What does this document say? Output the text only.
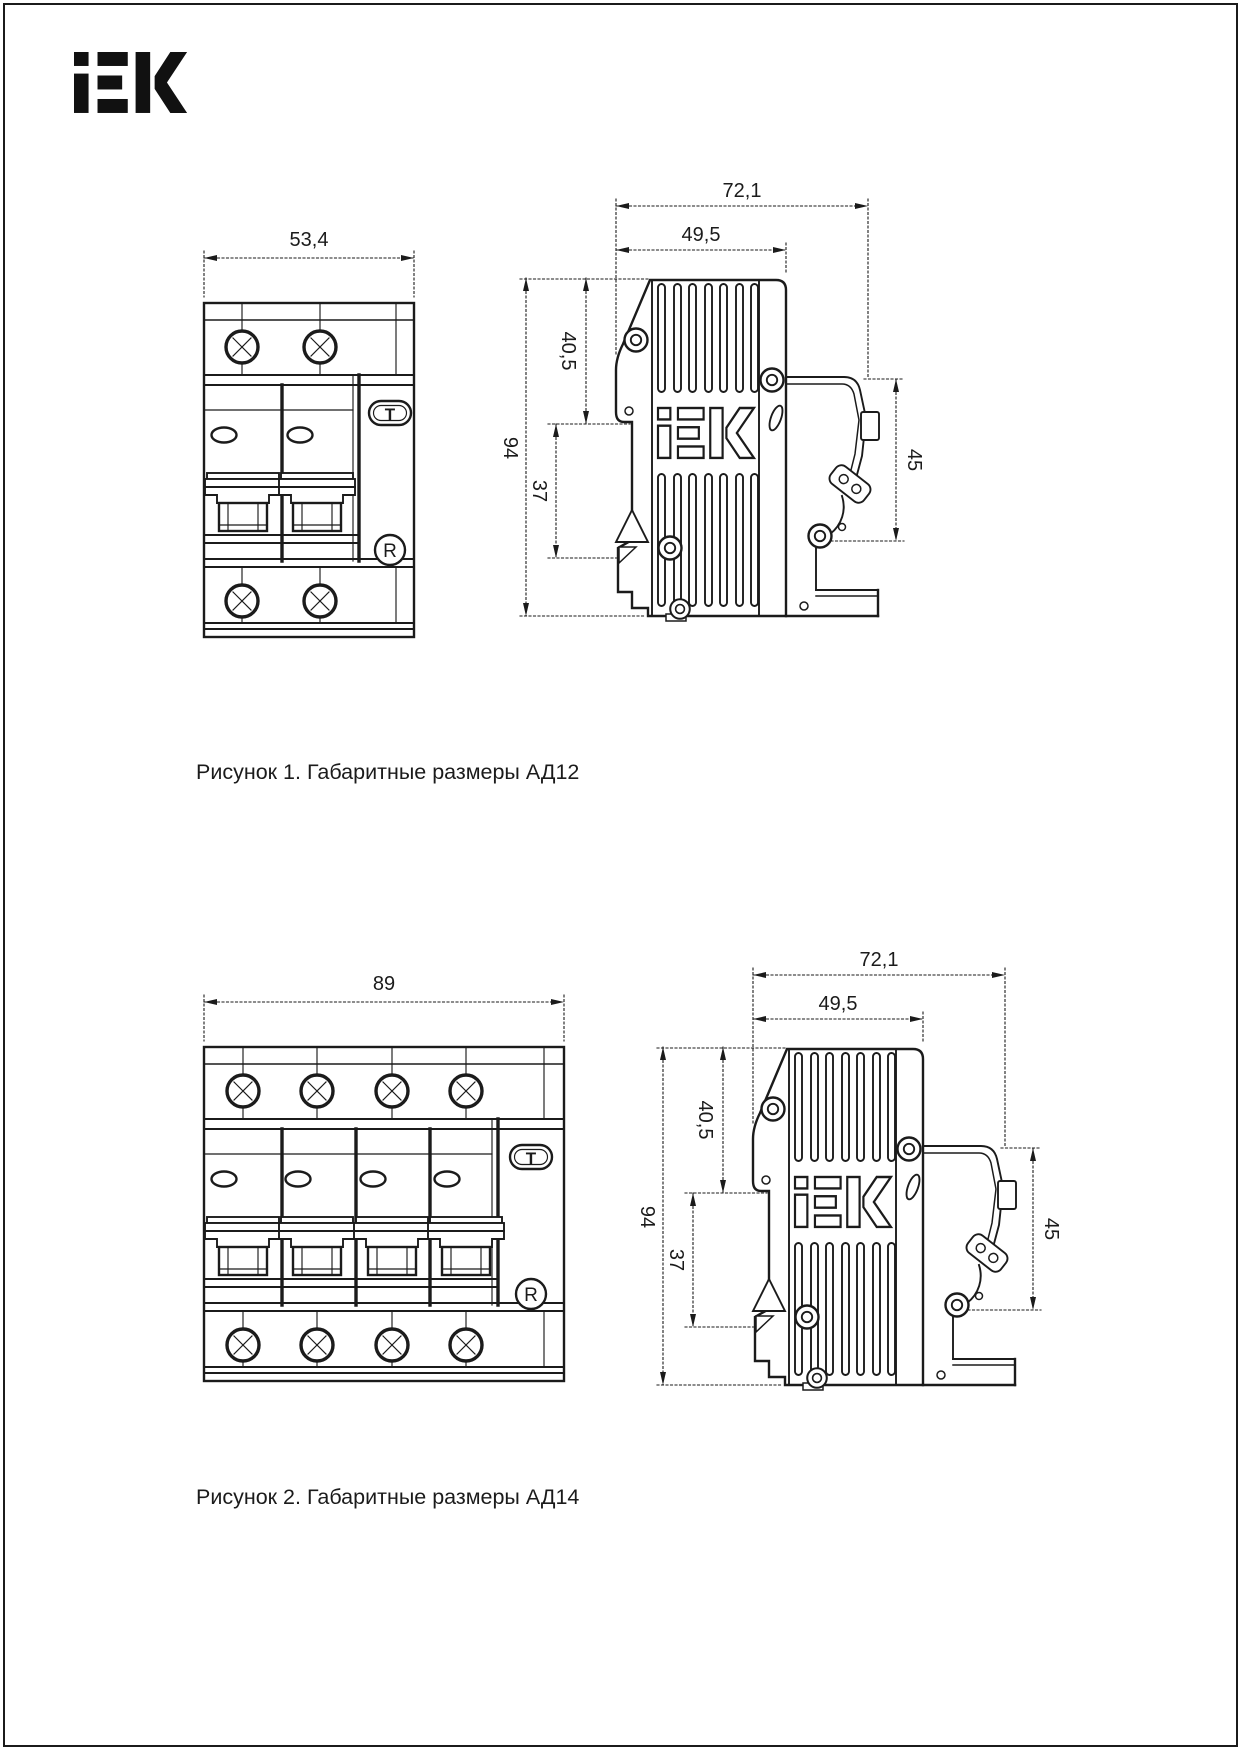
53,4
T
R
72,1
49,5
94
40,5
37
45
Рисунок 1. Габаритные размеры АД12
89
T
R
72,1
49,5
94
40,5
37
45
Рисунок 2. Габаритные размеры АД14
